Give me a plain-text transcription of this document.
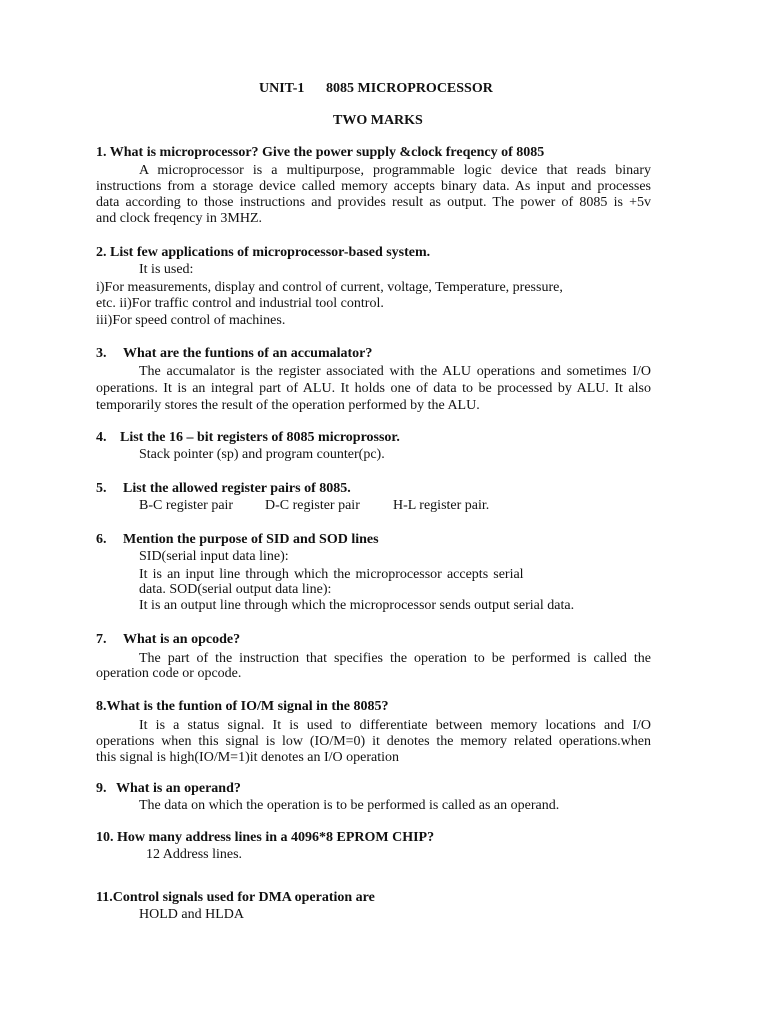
UNIT-1 8085 MICROPROCESSOR
TWO MARKS
1. What is microprocessor? Give the power supply &clock freqency of 8085
A microprocessor is a multipurpose, programmable logic device that reads binary
instructions from a storage device called memory accepts binary data. As input and processes
data according to those instructions and provides result as output. The power of 8085 is +5v
and clock freqency in 3MHZ.
2. List few applications of microprocessor-based system.
It is used:
i)For measurements, display and control of current, voltage, Temperature, pressure,
etc. ii)For traffic control and industrial tool control.
iii)For speed control of machines.
3. What are the funtions of an accumalator?
The accumalator is the register associated with the ALU operations and sometimes I/O
operations. It is an integral part of ALU. It holds one of data to be processed by ALU. It also
temporarily stores the result of the operation performed by the ALU.
4. List the 16 – bit registers of 8085 microprossor.
Stack pointer (sp) and program counter(pc).
5. List the allowed register pairs of 8085.
B-C register pair D-C register pair H-L register pair.
6. Mention the purpose of SID and SOD lines
SID(serial input data line):
It is an input line through which the microprocessor accepts serial
data. SOD(serial output data line):
It is an output line through which the microprocessor sends output serial data.
7. What is an opcode?
The part of the instruction that specifies the operation to be performed is called the
operation code or opcode.
8.What is the funtion of IO/M signal in the 8085?
It is a status signal. It is used to differentiate between memory locations and I/O
operations when this signal is low (IO/M=0) it denotes the memory related operations.when
this signal is high(IO/M=1)it denotes an I/O operation
9. What is an operand?
The data on which the operation is to be performed is called as an operand.
10. How many address lines in a 4096*8 EPROM CHIP?
12 Address lines.
11.Control signals used for DMA operation are
HOLD and HLDA
